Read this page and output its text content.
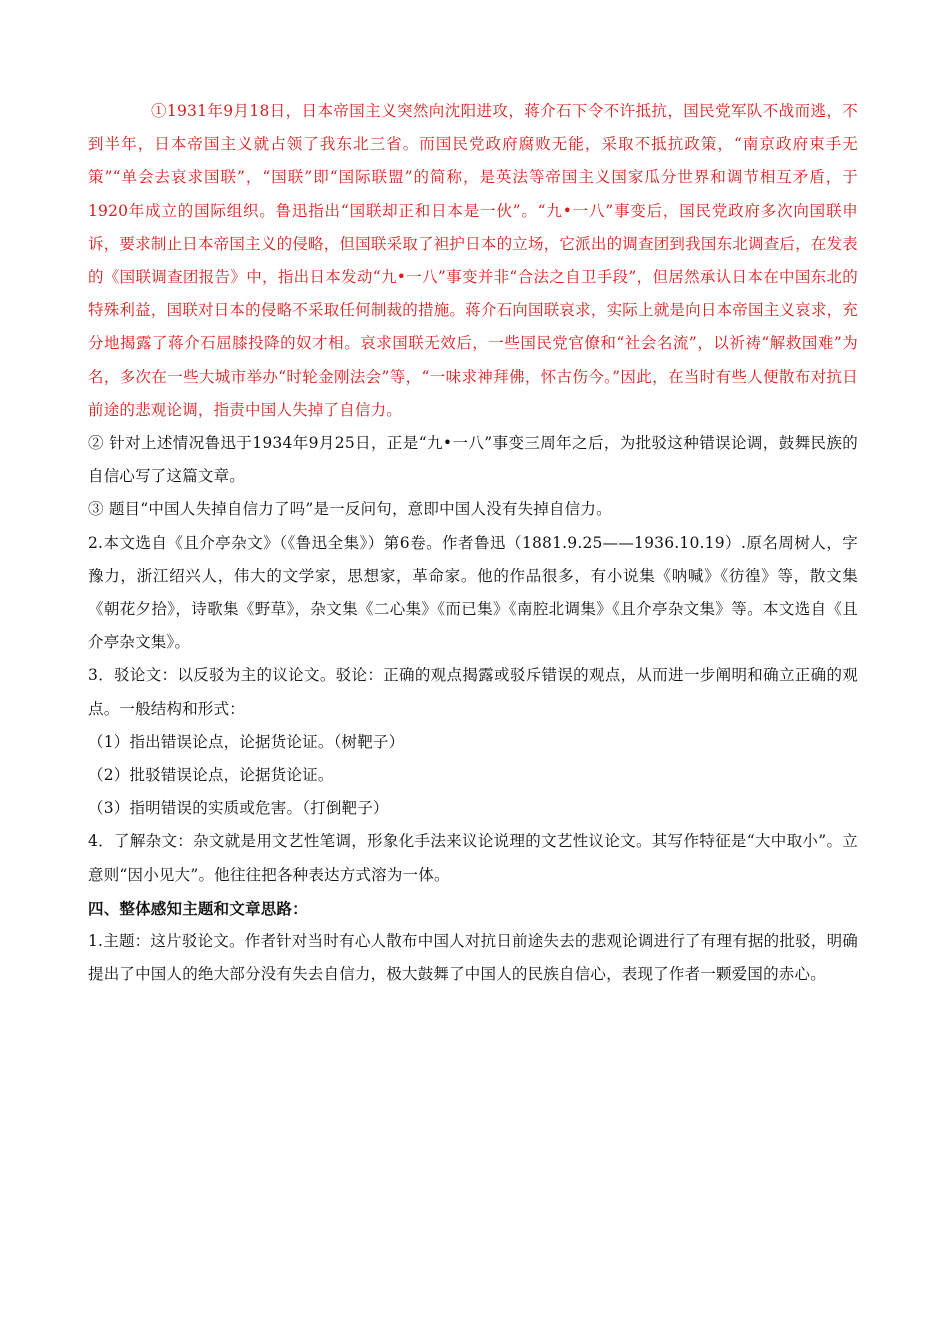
①1931年9月18日，日本帝国主义突然向沈阳进攻，蒋介石下令不许抵抗，国民党军队不战而逃，不到半年，日本帝国主义就占领了我东北三省。而国民党政府腐败无能，采取不抵抗政策，“南京政府束手无策”“单会去哀求国联”，“国联”即“国际联盟”的简称，是英法等帝国主义国家瓜分世界和调节相互矛盾，于1920年成立的国际组织。鲁迅指出“国联却正和日本是一伙”。“九•一八”事变后，国民党政府多次向国联申诉，要求制止日本帝国主义的侵略，但国联采取了袒护日本的立场，它派出的调查团到我国东北调查后，在发表的《国联调查团报告》中，指出日本发动“九•一八”事变并非“合法之自卫手段”，但居然承认日本在中国东北的特殊利益，国联对日本的侵略不采取任何制裁的措施。蒋介石向国联哀求，实际上就是向日本帝国主义哀求，充分地揭露了蒋介石屈膝投降的奴才相。哀求国联无效后，一些国民党官僚和“社会名流”，以祈祷“解救国难”为名，多次在一些大城市举办“时轮金刚法会”等，“一味求神拜佛，怀古伤今。”因此，在当时有些人便散布对抗日前途的悲观论调，指责中国人失掉了自信力。

② 针对上述情况鲁迅于1934年9月25日，正是“九•一八”事变三周年之后，为批驳这种错误论调，鼓舞民族的自信心写了这篇文章。

③ 题目“中国人失掉自信力了吗”是一反问句，意即中国人没有失掉自信力。

2.本文选自《且介亭杂文》（《鲁迅全集》）第6卷。作者鲁迅（1881.9.25——1936.10.19）.原名周树人，字豫力，浙江绍兴人，伟大的文学家，思想家，革命家。他的作品很多，有小说集《呐喊》《彷徨》等，散文集《朝花夕拾》，诗歌集《野草》，杂文集《二心集》《而已集》《南腔北调集》《且介亭杂文集》等。本文选自《且介亭杂文集》。

3．驳论文：以反驳为主的议论文。驳论：正确的观点揭露或驳斥错误的观点，从而进一步阐明和确立正确的观点。一般结构和形式：

（1）指出错误论点，论据货论证。（树靶子）

（2）批驳错误论点，论据货论证。

（3）指明错误的实质或危害。（打倒靶子）

4．了解杂文：杂文就是用文艺性笔调，形象化手法来议论说理的文艺性议论文。其写作特征是“大中取小”。立意则“因小见大”。他往往把各种表达方式溶为一体。

四、整体感知主题和文章思路：

1.主题：这片驳论文。作者针对当时有心人散布中国人对抗日前途失去的悲观论调进行了有理有据的批驳，明确提出了中国人的绝大部分没有失去自信力，极大鼓舞了中国人的民族自信心，表现了作者一颗爱国的赤心。
